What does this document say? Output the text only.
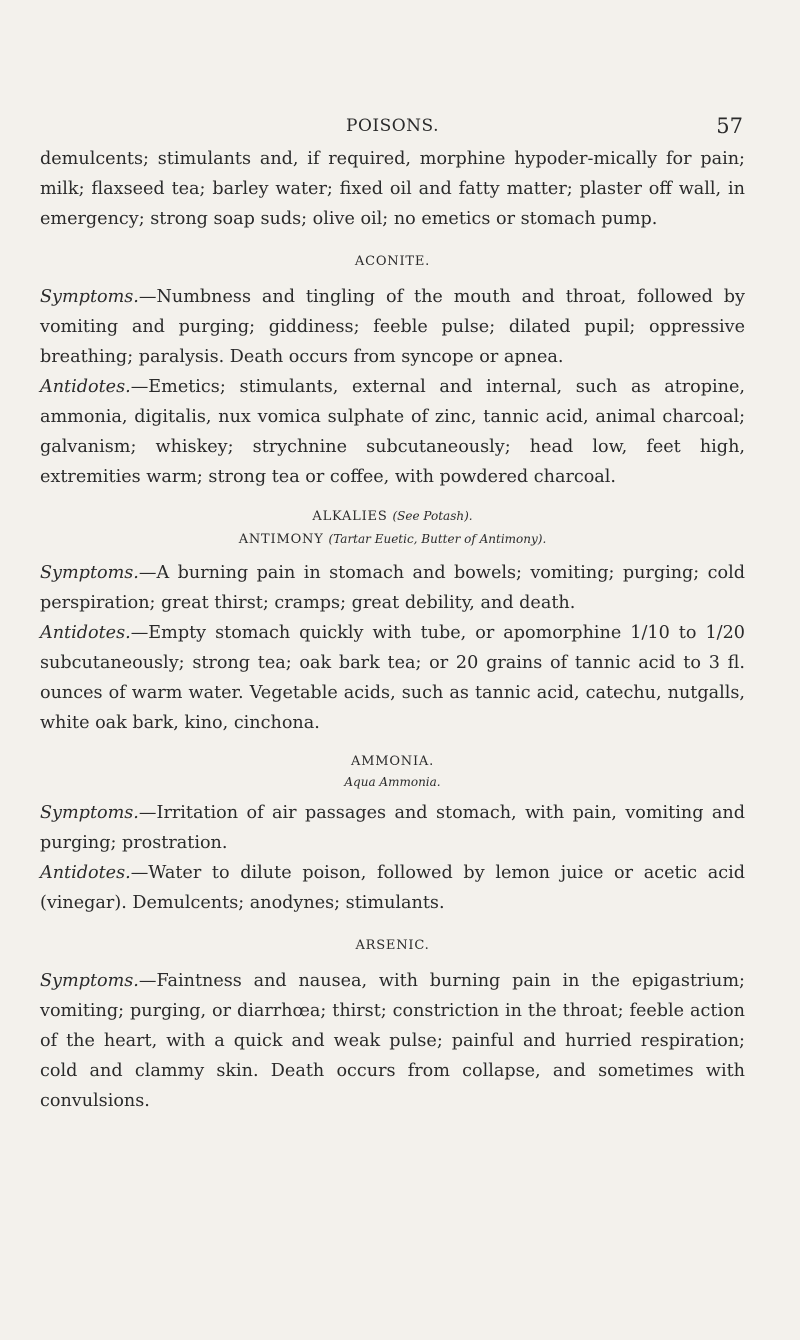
POISONS.	57

demulcents; stimulants and, if required, morphine hypoder-mically for pain; milk; flaxseed tea; barley water; fixed oil and fatty matter; plaster off wall, in emergency; strong soap suds; olive oil; no emetics or stomach pump.

ACONITE.

Symptoms.—Numbness and tingling of the mouth and throat, followed by vomiting and purging; giddiness; feeble pulse; dilated pupil; oppressive breathing; paralysis. Death occurs from syncope or apnea.

Antidotes.—Emetics; stimulants, external and internal, such as atropine, ammonia, digitalis, nux vomica sulphate of zinc, tannic acid, animal charcoal; galvanism; whiskey; strychnine subcutaneously; head low, feet high, extremities warm; strong tea or coffee, with powdered charcoal.

ALKALIES (See Potash).
ANTIMONY (Tartar Euetic, Butter of Antimony).

Symptoms.—A burning pain in stomach and bowels; vomiting; purging; cold perspiration; great thirst; cramps; great debility, and death.

Antidotes.—Empty stomach quickly with tube, or apomorphine 1/10 to 1/20 subcutaneously; strong tea; oak bark tea; or 20 grains of tannic acid to 3 fl. ounces of warm water. Vegetable acids, such as tannic acid, catechu, nutgalls, white oak bark, kino, cinchona.

AMMONIA.
Aqua Ammonia.

Symptoms.—Irritation of air passages and stomach, with pain, vomiting and purging; prostration.

Antidotes.—Water to dilute poison, followed by lemon juice or acetic acid (vinegar). Demulcents; anodynes; stimulants.

ARSENIC.

Symptoms.—Faintness and nausea, with burning pain in the epigastrium; vomiting; purging, or diarrhœa; thirst; constriction in the throat; feeble action of the heart, with a quick and weak pulse; painful and hurried respiration; cold and clammy skin. Death occurs from collapse, and sometimes with convulsions.
